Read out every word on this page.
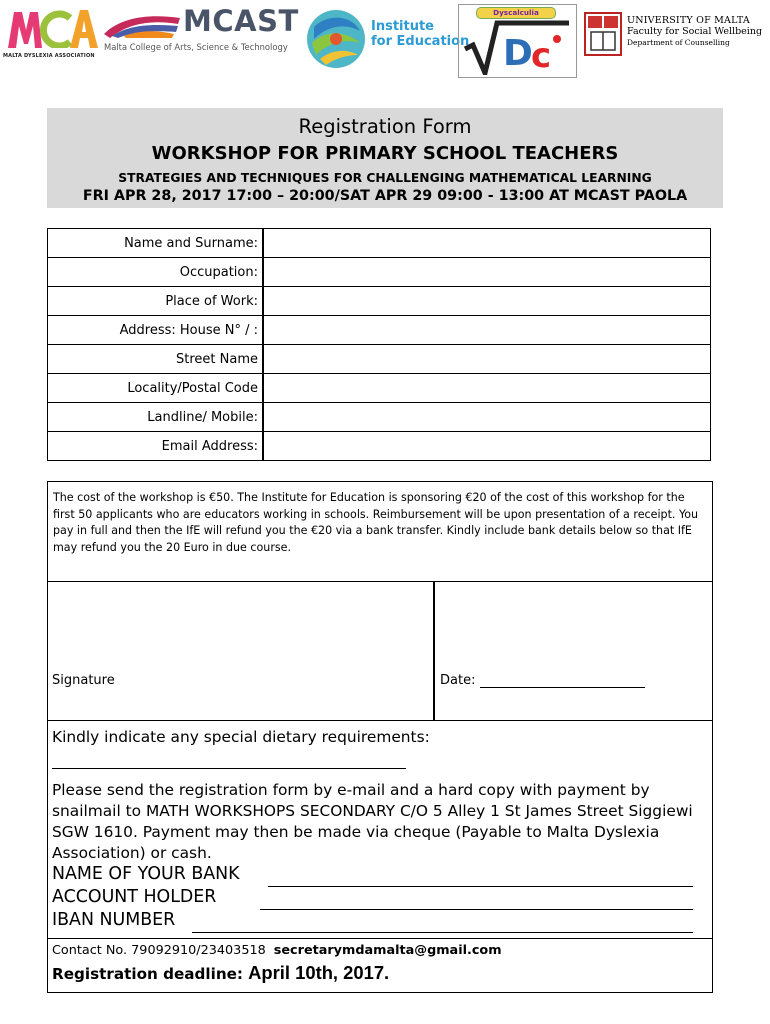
MALTA DYSLEXIA ASSOCIATION
MCAST
Malta College of Arts, Science & Technology
Institute
for Education
Dyscalculia
D
c
UNIVERSITY OF MALTA
Faculty for Social Wellbeing
Department of Counselling
Registration Form
WORKSHOP FOR PRIMARY SCHOOL TEACHERS
STRATEGIES AND TECHNIQUES FOR CHALLENGING MATHEMATICAL LEARNING
FRI APR 28, 2017 17:00 – 20:00/SAT APR 29 09:00 - 13:00 AT MCAST PAOLA
Name and Surname:	
Occupation:	
Place of Work:	
Address: House N° / :	
Street Name	
Locality/Postal Code	
Landline/ Mobile:	
Email Address:	
The cost of the workshop is €50. The Institute for Education is sponsoring €20 of the cost of this workshop for the first 50 applicants who are educators working in schools. Reimbursement will be upon presentation of a receipt. You pay in full and then the IfE will refund you the €20 via a bank transfer. Kindly include bank details below so that IfE may refund you the 20 Euro in due course.
Signature	Date:
Kindly indicate any special dietary requirements:
Please send the registration form by e-mail and a hard copy with payment by snailmail to MATH WORKSHOPS SECONDARY C/O 5 Alley 1 St James Street Siggiewi SGW 1610. Payment may then be made via cheque (Payable to Malta Dyslexia Association) or cash.
NAME OF YOUR BANK
ACCOUNT HOLDER
IBAN NUMBER
Contact No. 79092910/23403518 secretarymdamalta@gmail.com
Registration deadline: April 10th, 2017.
